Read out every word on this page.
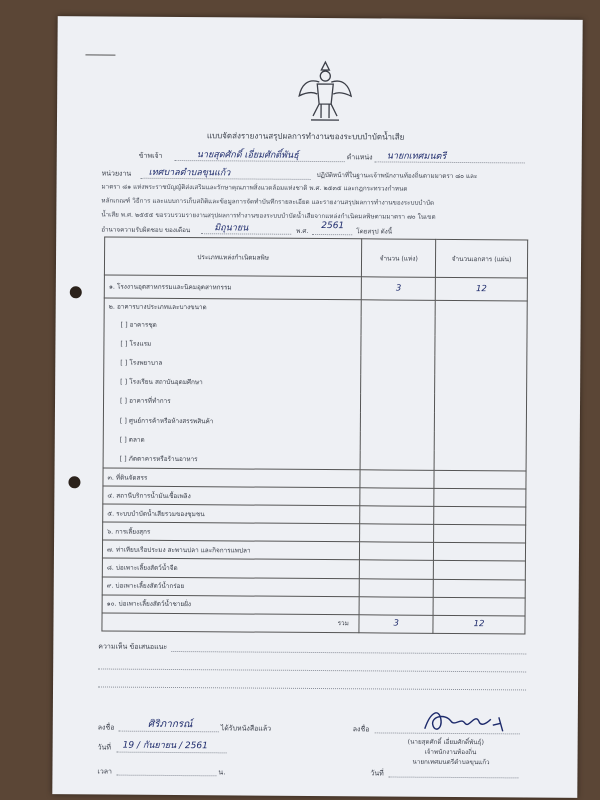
แบบจัดส่งรายงานสรุปผลการทำงานของระบบบำบัดน้ำเสีย
ข้าพเจ้า	นายสุดศักดิ์ เอี่ยมศักดิ์พันธุ์	ตำแหน่ง นายกเทศมนตรี
หน่วยงาน เทศบาลตำบลขุนแก้ว	ปฏิบัติหน้าที่ในฐานะเจ้าพนักงานท้องถิ่นตามมาตรา ๘๐ และ
มาตรา ๘๑ แห่งพระราชบัญญัติส่งเสริมและรักษาคุณภาพสิ่งแวดล้อมแห่งชาติ พ.ศ. ๒๕๓๕ และกฎกระทรวงกำหนด
หลักเกณฑ์ วิธีการ และแบบการเก็บสถิติและข้อมูลการจัดทำบันทึกรายละเอียด และรายงานสรุปผลการทำงานของระบบบำบัด
น้ำเสีย พ.ศ. ๒๕๕๕ ขอรวบรวมรายงานสรุปผลการทำงานของระบบบำบัดน้ำเสียจากแหล่งกำเนิดมลพิษตามมาตรา ๗๐ ในเขต
อำนาจความรับผิดชอบ ของเดือน	มิถุนายน	พ.ศ.
2561
โดยสรุป ดังนี้
ประเภทแหล่งกำเนิดมลพิษ	จำนวน (แห่ง)	จำนวนเอกสาร (แผ่น)
๑. โรงงานอุตสาหกรรมและนิคมอุตสาหกรรม	3	12
๒. อาคารบางประเภทและบางขนาด		
[ ] อาคารชุด		
[ ] โรงแรม		
[ ] โรงพยาบาล		
[ ] โรงเรียน สถาบันอุดมศึกษา		
[ ] อาคารที่ทำการ		
[ ] ศูนย์การค้าหรือห้างสรรพสินค้า		
[ ] ตลาด		
[ ] ภัตตาคารหรือร้านอาหาร		
๓. ที่ดินจัดสรร		
๔. สถานีบริการน้ำมันเชื้อเพลิง		
๕. ระบบบำบัดน้ำเสียรวมของชุมชน		
๖. การเลี้ยงสุกร		
๗. ท่าเทียบเรือประมง สะพานปลา และกิจการแพปลา		
๘. บ่อเพาะเลี้ยงสัตว์น้ำจืด		
๙. บ่อเพาะเลี้ยงสัตว์น้ำกร่อย		
๑๐. บ่อเพาะเลี้ยงสัตว์น้ำชายฝั่ง		
รวม	3	12
ความเห็น ข้อเสนอแนะ
ลงชื่อ	ศิริภากรณ์	ได้รับหนังสือแล้ว
วันที่ 19 / กันยายน / 2561
เวลา	น.
ลงชื่อ
(นายสุดศักดิ์ เอี่ยมศักดิ์พันธุ์)
เจ้าพนักงานท้องถิ่น
นายกเทศมนตรีตำบลขุนแก้ว
วันที่
